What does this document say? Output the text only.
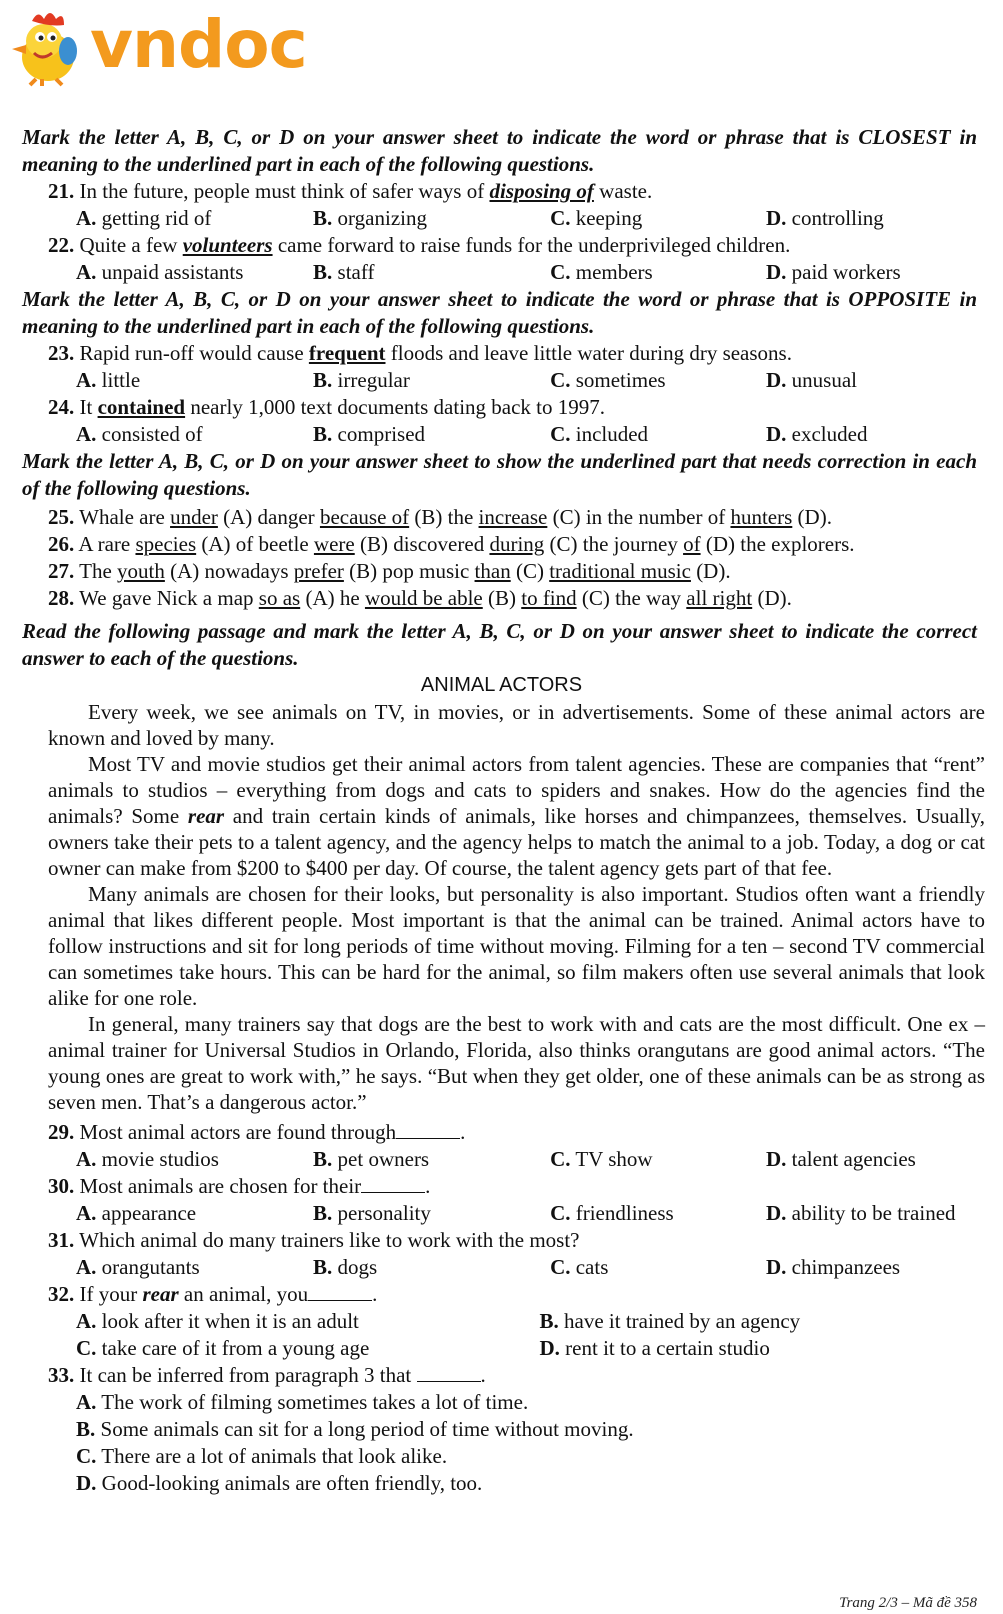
vndoc
Mark the letter A, B, C, or D on your answer sheet to indicate the word or phrase that is CLOSEST in meaning to the underlined part in each of the following questions.
21. In the future, people must think of safer ways of disposing of waste.
A. getting rid of	B. organizing	C. keeping	D. controlling
22. Quite a few volunteers came forward to raise funds for the underprivileged children.
A. unpaid assistants	B. staff	C. members	D. paid workers
Mark the letter A, B, C, or D on your answer sheet to indicate the word or phrase that is OPPOSITE in meaning to the underlined part in each of the following questions.
23. Rapid run-off would cause frequent floods and leave little water during dry seasons.
A. little	B. irregular	C. sometimes	D. unusual
24. It contained nearly 1,000 text documents dating back to 1997.
A. consisted of	B. comprised	C. included	D. excluded
Mark the letter A, B, C, or D on your answer sheet to show the underlined part that needs correction in each of the following questions.
25. Whale are under (A) danger because of (B) the increase (C) in the number of hunters (D).
26. A rare species (A) of beetle were (B) discovered during (C) the journey of (D) the explorers.
27. The youth (A) nowadays prefer (B) pop music than (C) traditional music (D).
28. We gave Nick a map so as (A) he would be able (B) to find (C) the way all right (D).
Read the following passage and mark the letter A, B, C, or D on your answer sheet to indicate the correct answer to each of the questions.
ANIMAL ACTORS
Every week, we see animals on TV, in movies, or in advertisements. Some of these animal actors are known and loved by many.
Most TV and movie studios get their animal actors from talent agencies. These are companies that “rent” animals to studios – everything from dogs and cats to spiders and snakes. How do the agencies find the animals? Some rear and train certain kinds of animals, like horses and chimpanzees, themselves. Usually, owners take their pets to a talent agency, and the agency helps to match the animal to a job. Today, a dog or cat owner can make from $200 to $400 per day. Of course, the talent agency gets part of that fee.
Many animals are chosen for their looks, but personality is also important. Studios often want a friendly animal that likes different people. Most important is that the animal can be trained. Animal actors have to follow instructions and sit for long periods of time without moving. Filming for a ten – second TV commercial can sometimes take hours. This can be hard for the animal, so film makers often use several animals that look alike for one role.
In general, many trainers say that dogs are the best to work with and cats are the most difficult. One ex – animal trainer for Universal Studios in Orlando, Florida, also thinks orangutans are good animal actors. “The young ones are great to work with,” he says. “But when they get older, one of these animals can be as strong as seven men. That’s a dangerous actor.”
29. Most animal actors are found through	.
A. movie studios	B. pet owners	C. TV show	D. talent agencies
30. Most animals are chosen for their	.
A. appearance	B. personality	C. friendliness	D. ability to be trained
31. Which animal do many trainers like to work with the most?
A. orangutants	B. dogs	C. cats	D. chimpanzees
32. If your rear an animal, you	.
A. look after it when it is an adult	B. have it trained by an agency
C. take care of it from a young age	D. rent it to a certain studio
33. It can be inferred from paragraph 3 that	.
A. The work of filming sometimes takes a lot of time.
B. Some animals can sit for a long period of time without moving.
C. There are a lot of animals that look alike.
D. Good-looking animals are often friendly, too.
Trang 2/3 – Mã đề 358
